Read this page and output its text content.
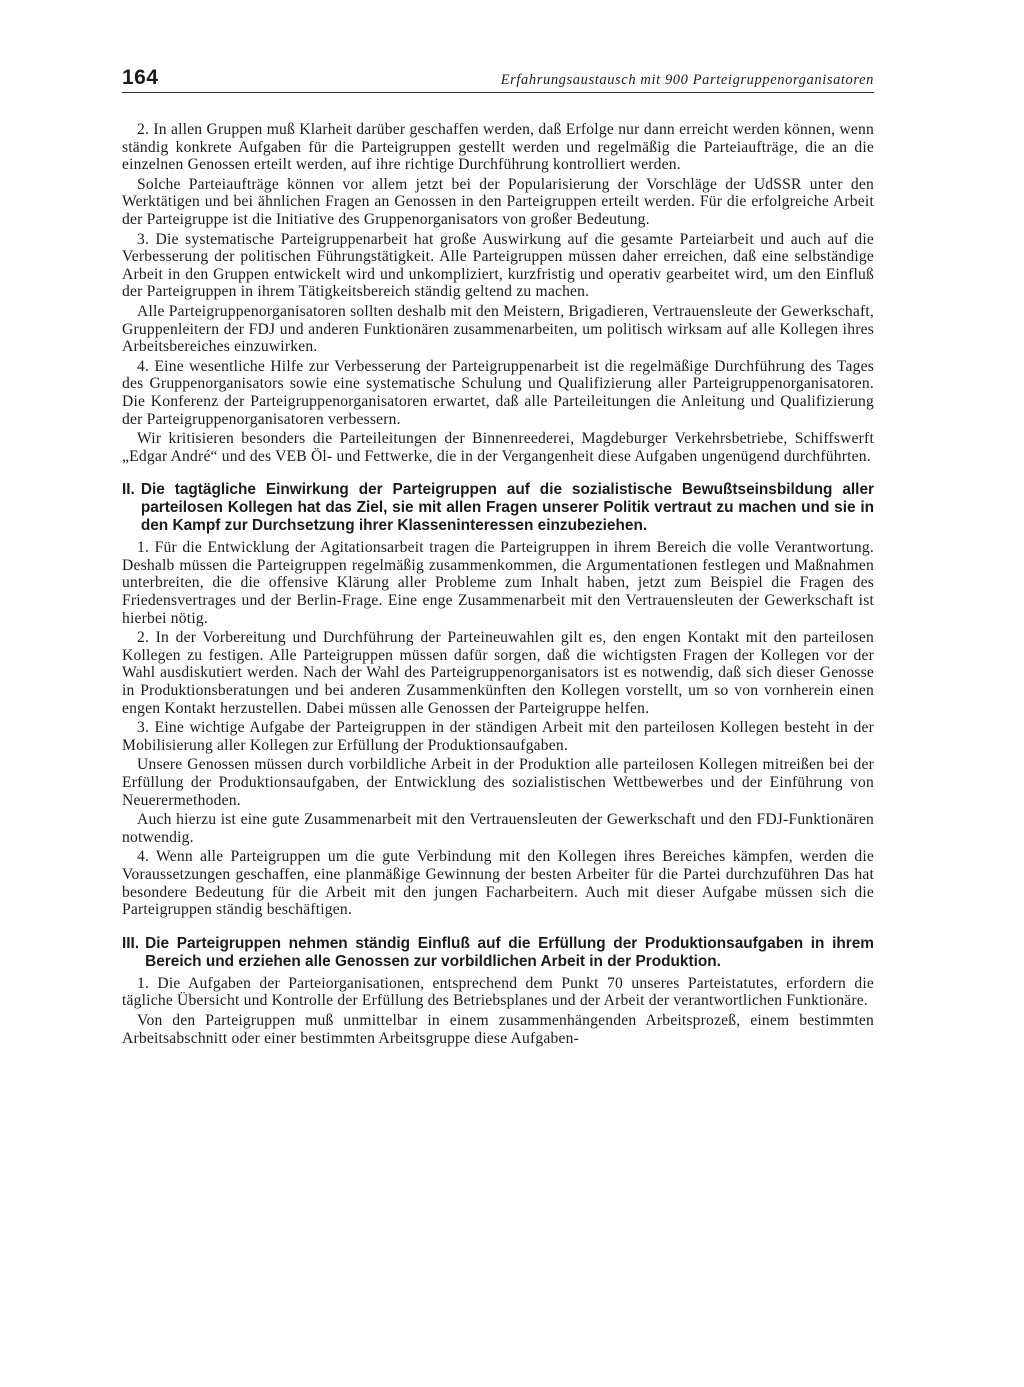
164	Erfahrungsaustausch mit 900 Parteigruppenorganisatoren

2. In allen Gruppen muß Klarheit darüber geschaffen werden, daß Erfolge nur dann erreicht werden können, wenn ständig konkrete Aufgaben für die Parteigruppen gestellt werden und regelmäßig die Parteiaufträge, die an die einzelnen Genossen erteilt werden, auf ihre richtige Durchführung kontrolliert werden.

Solche Parteiaufträge können vor allem jetzt bei der Popularisierung der Vorschläge der UdSSR unter den Werktätigen und bei ähnlichen Fragen an Genossen in den Parteigruppen erteilt werden. Für die erfolgreiche Arbeit der Parteigruppe ist die Initiative des Gruppenorganisators von großer Bedeutung.

3. Die systematische Parteigruppenarbeit hat große Auswirkung auf die gesamte Parteiarbeit und auch auf die Verbesserung der politischen Führungstätigkeit. Alle Parteigruppen müssen daher erreichen, daß eine selbständige Arbeit in den Gruppen entwickelt wird und unkompliziert, kurzfristig und operativ gearbeitet wird, um den Einfluß der Parteigruppen in ihrem Tätigkeitsbereich ständig geltend zu machen.

Alle Parteigruppenorganisatoren sollten deshalb mit den Meistern, Brigadieren, Vertrauensleute der Gewerkschaft, Gruppenleitern der FDJ und anderen Funktionären zusammenarbeiten, um politisch wirksam auf alle Kollegen ihres Arbeitsbereiches einzuwirken.

4. Eine wesentliche Hilfe zur Verbesserung der Parteigruppenarbeit ist die regelmäßige Durchführung des Tages des Gruppenorganisators sowie eine systematische Schulung und Qualifizierung aller Parteigruppenorganisatoren. Die Konferenz der Parteigruppenorganisatoren erwartet, daß alle Parteileitungen die Anleitung und Qualifizierung der Parteigruppenorganisatoren verbessern.

Wir kritisieren besonders die Parteileitungen der Binnenreederei, Magdeburger Verkehrsbetriebe, Schiffswerft „Edgar André“ und des VEB Öl- und Fettwerke, die in der Vergangenheit diese Aufgaben ungenügend durchführten.

II. Die tagtägliche Einwirkung der Parteigruppen auf die sozialistische Bewußtseinsbildung aller parteilosen Kollegen hat das Ziel, sie mit allen Fragen unserer Politik vertraut zu machen und sie in den Kampf zur Durchsetzung ihrer Klasseninteressen einzubeziehen.

1. Für die Entwicklung der Agitationsarbeit tragen die Parteigruppen in ihrem Bereich die volle Verantwortung. Deshalb müssen die Parteigruppen regelmäßig zusammenkommen, die Argumentationen festlegen und Maßnahmen unterbreiten, die die offensive Klärung aller Probleme zum Inhalt haben, jetzt zum Beispiel die Fragen des Friedensvertrages und der Berlin-Frage. Eine enge Zusammenarbeit mit den Vertrauensleuten der Gewerkschaft ist hierbei nötig.

2. In der Vorbereitung und Durchführung der Parteineuwahlen gilt es, den engen Kontakt mit den parteilosen Kollegen zu festigen. Alle Parteigruppen müssen dafür sorgen, daß die wichtigsten Fragen der Kollegen vor der Wahl ausdiskutiert werden. Nach der Wahl des Parteigruppenorganisators ist es notwendig, daß sich dieser Genosse in Produktionsberatungen und bei anderen Zusammenkünften den Kollegen vorstellt, um so von vornherein einen engen Kontakt herzustellen. Dabei müssen alle Genossen der Parteigruppe helfen.

3. Eine wichtige Aufgabe der Parteigruppen in der ständigen Arbeit mit den parteilosen Kollegen besteht in der Mobilisierung aller Kollegen zur Erfüllung der Produktionsaufgaben.

Unsere Genossen müssen durch vorbildliche Arbeit in der Produktion alle parteilosen Kollegen mitreißen bei der Erfüllung der Produktionsaufgaben, der Entwicklung des sozialistischen Wettbewerbes und der Einführung von Neuerermethoden.

Auch hierzu ist eine gute Zusammenarbeit mit den Vertrauensleuten der Gewerkschaft und den FDJ-Funktionären notwendig.

4. Wenn alle Parteigruppen um die gute Verbindung mit den Kollegen ihres Bereiches kämpfen, werden die Voraussetzungen geschaffen, eine planmäßige Gewinnung der besten Arbeiter für die Partei durchzuführen Das hat besondere Bedeutung für die Arbeit mit den jungen Facharbeitern. Auch mit dieser Aufgabe müssen sich die Parteigruppen ständig beschäftigen.

III. Die Parteigruppen nehmen ständig Einfluß auf die Erfüllung der Produktionsaufgaben in ihrem Bereich und erziehen alle Genossen zur vorbildlichen Arbeit in der Produktion.

1. Die Aufgaben der Parteiorganisationen, entsprechend dem Punkt 70 unseres Parteistatutes, erfordern die tägliche Übersicht und Kontrolle der Erfüllung des Betriebsplanes und der Arbeit der verantwortlichen Funktionäre.

Von den Parteigruppen muß unmittelbar in einem zusammenhängenden Arbeitsprozeß, einem bestimmten Arbeitsabschnitt oder einer bestimmten Arbeitsgruppe diese Aufgaben-
